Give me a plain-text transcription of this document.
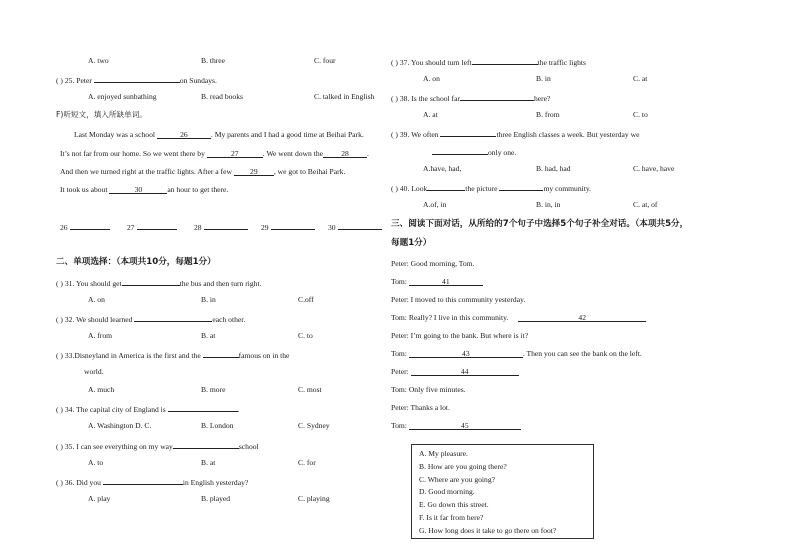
A. two	B. three	C. four
( ) 25. Peter	on Sundays.
A. enjoyed sunbathing	B. read books	C. talked in English
F)听短文，填入所缺单词。
Last Monday was a school	26	. My parents and I had a good time at Beihai Park.
It’s not far from our home. So we went there by	27	. We went down the 28 .
And then we turned right at the traffic lights. After a few 29 , we got to Beihai Park.
It took us about	30	an hour to get there.
26	27	28	29	30
二、单项选择：（本项共10分，每题1分）
( ) 31. You should get	the bus and then turn right.
A. on	B. in	C.off
( ) 32. We should learned	each other.
A. from	B. at	C. to
( ) 33.Disneyland in America is the first and the	famous on in the
world.
A. much	B. more	C. most
( ) 34. The capital city of England is	.
A. Washington D. C.	B. London	C. Sydney
( ) 35. I can see everything on my way	school
A. to	B. at	C. for
( ) 36. Did you	in English yesterday?
A. play	B. played	C. playing
( ) 37. You should turn left	the traffic lights
A. on	B. in	C. at
( ) 38. Is the school far	here?
A. at	B. from	C. to
( ) 39. We often	three English classes a week. But yesterday we
only one.
A.have, had,	B. had, had	C. have, have
( ) 40. Look	the picture	my community.
A.of, in	B. in, in	C. at, of
三、阅读下面对话，从所给的7个句子中选择5个句子补全对话。（本项共5分，
每题1分）
Peter: Good morning, Tom.
Tom:	41
Peter: I moved to this community yesterday.
Tom: Really? I live in this community.	42
Peter: I’m going to the bank. But where is it?
Tom:	43	. Then you can see the bank on the left.
Peter:	44
Tom: Only five minutes.
Peter: Thanks a lot.
Tom:	45
A. My pleasure.
B. How are you going there?
C. Where are you going?
D. Good morning.
E. Go down this street.
F. Is it far from here?
G. How long does it take to go there on foot?
